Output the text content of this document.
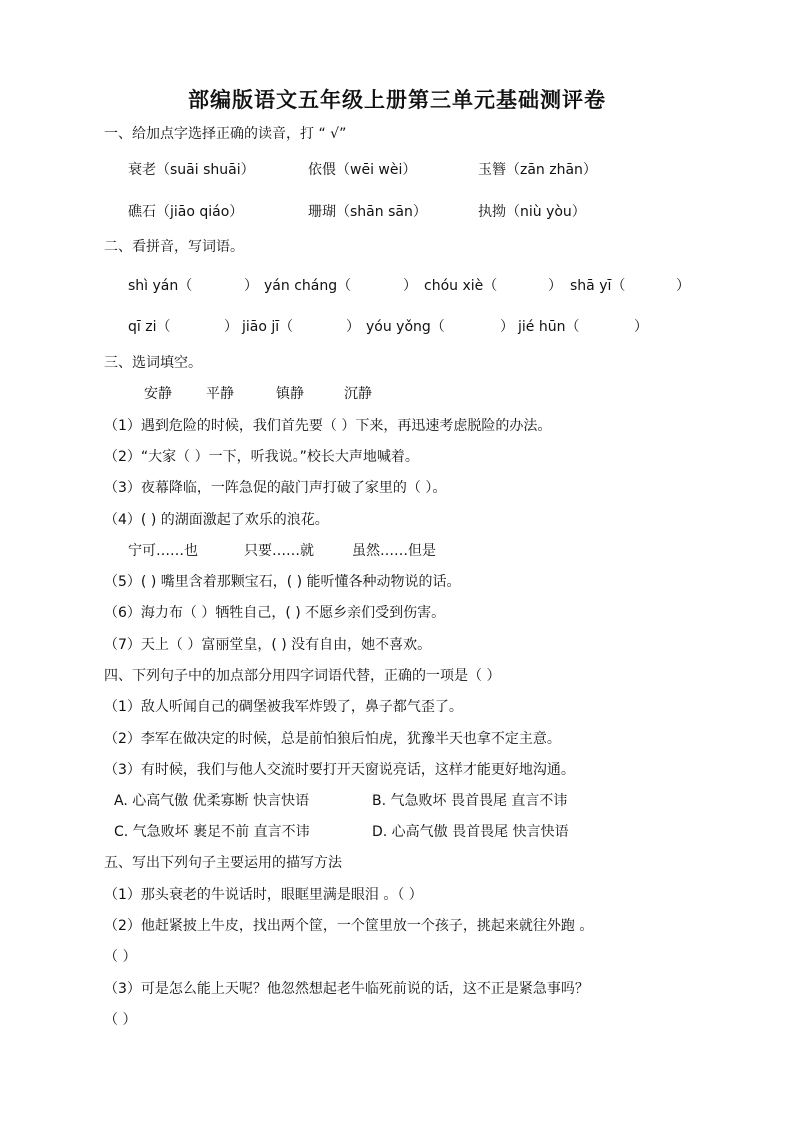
部编版语文五年级上册第三单元基础测评卷
一、给加点字选择正确的读音，打 “ √”
衰老（suāi shuāi）	依偎（wēi wèi）	玉簪（zān zhān）
礁石（jiāo qiáo）	珊瑚（shān sān）	执拗（niù yòu）
二、看拼音，写词语。
shì yán（	） yán cháng（	） chóu xiè（	） shā yī（	）
qī zi（	） jiāo jī（	） yóu yǒng（	） jié hūn（	）
三、选词填空。
安静 平静	镇静	沉静
（1）遇到危险的时候，我们首先要（ ）下来，再迅速考虑脱险的办法。
（2）“大家（ ）一下，听我说。”校长大声地喊着。
（3）夜幕降临，一阵急促的敲门声打破了家里的（ ）。
（4）( ) 的湖面激起了欢乐的浪花。
宁可……也	只要……就	虽然……但是
（5）( ) 嘴里含着那颗宝石，( ) 能听懂各种动物说的话。
（6）海力布（ ）牺牲自己，( ) 不愿乡亲们受到伤害。
（7）天上（ ）富丽堂皇，( ) 没有自由，她不喜欢。
四、下列句子中的加点部分用四字词语代替，正确的一项是（ ）
（1）敌人听闻自己的碉堡被我军炸毁了，鼻子都气歪了。
（2）李军在做决定的时候，总是前怕狼后怕虎，犹豫半天也拿不定主意。
（3）有时候，我们与他人交流时要打开天窗说亮话，这样才能更好地沟通。
A. 心高气傲 优柔寡断 快言快语	B. 气急败坏 畏首畏尾 直言不讳
C. 气急败坏 裹足不前 直言不讳	D. 心高气傲 畏首畏尾 快言快语
五、写出下列句子主要运用的描写方法
（1）那头衰老的牛说话时，眼眶里满是眼泪 。（ ）
（2）他赶紧披上牛皮，找出两个筐，一个筐里放一个孩子，挑起来就往外跑 。
（ ）
（3）可是怎么能上天呢？他忽然想起老牛临死前说的话，这不正是紧急事吗？
（ ）
